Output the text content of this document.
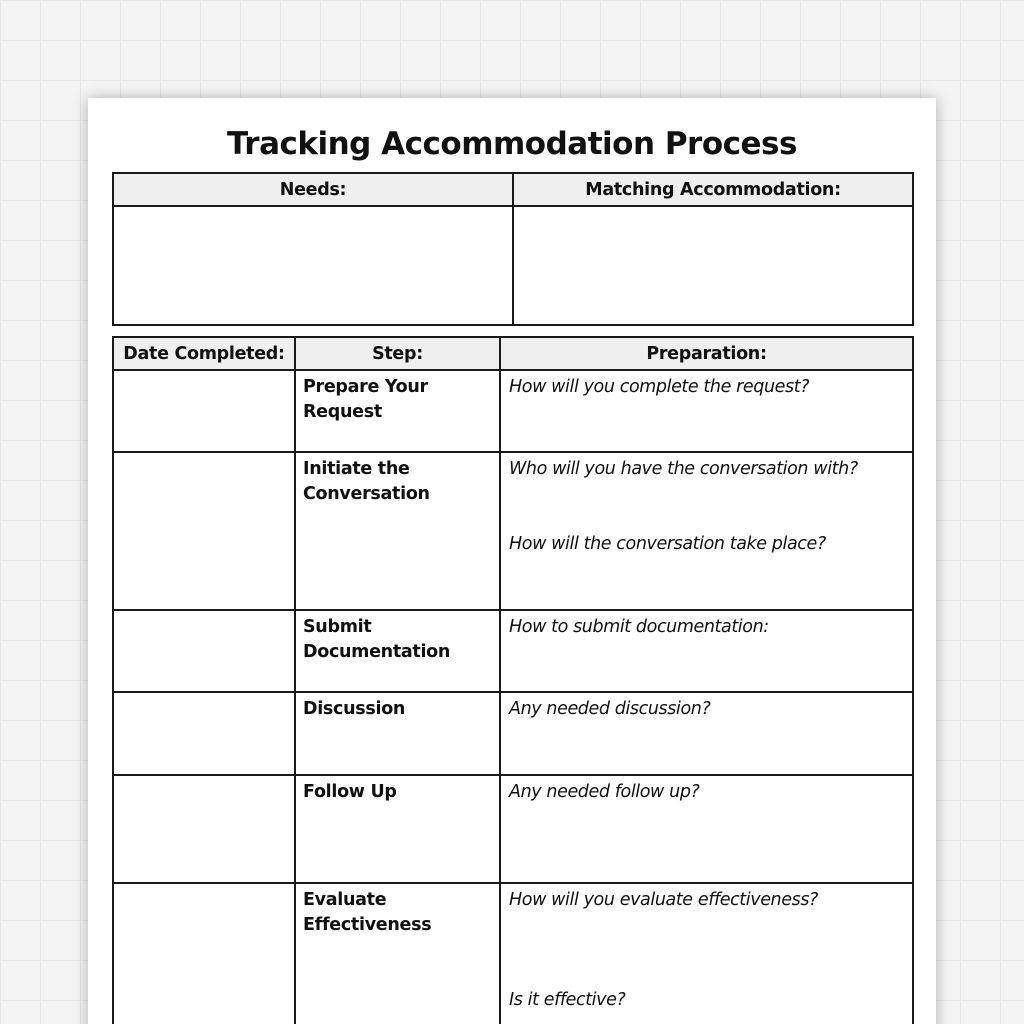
Tracking Accommodation Process
Needs:	Matching Accommodation:

Date Completed:	Step:	Preparation:
	Prepare Your Request	How will you complete the request?

	Initiate the Conversation	Who will you have the conversation with?
How will the conversation take place?

	Submit Documentation	How to submit documentation:

	Discussion	Any needed discussion?

	Follow Up	Any needed follow up?

	Evaluate Effectiveness	How will you evaluate effectiveness?
Is it effective?
